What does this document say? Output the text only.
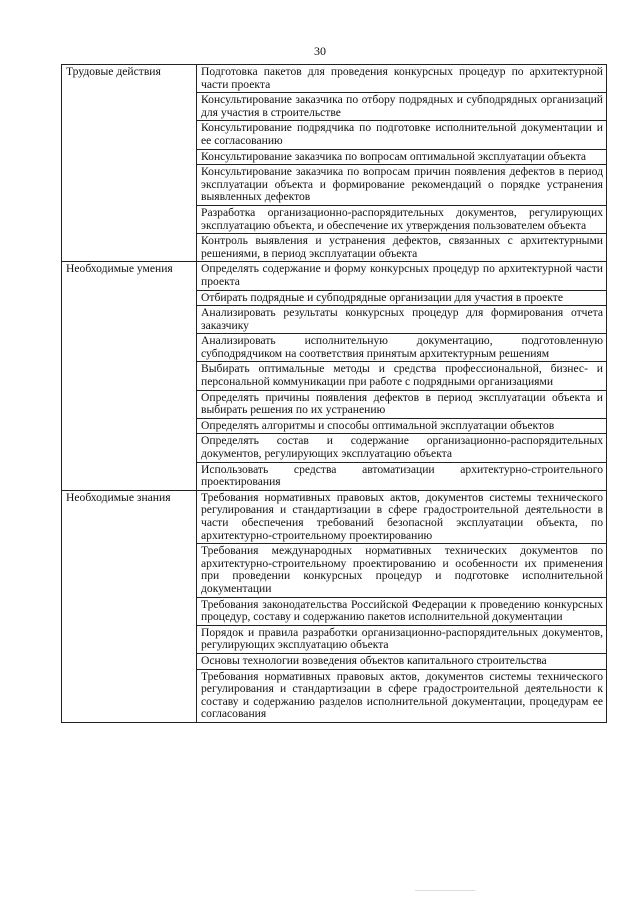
30
Трудовые действия	Подготовка пакетов для проведения конкурсных процедур по архитектурной части проекта
	Консультирование заказчика по отбору подрядных и субподрядных организаций для участия в строительстве
	Консультирование подрядчика по подготовке исполнительной документации и ее согласованию
	Консультирование заказчика по вопросам оптимальной эксплуатации объекта
	Консультирование заказчика по вопросам причин появления дефектов в период эксплуатации объекта и формирование рекомендаций о порядке устранения выявленных дефектов
	Разработка организационно-распорядительных документов, регулирующих эксплуатацию объекта, и обеспечение их утверждения пользователем объекта
	Контроль выявления и устранения дефектов, связанных с архитектурными решениями, в период эксплуатации объекта
Необходимые умения	Определять содержание и форму конкурсных процедур по архитектурной части проекта
	Отбирать подрядные и субподрядные организации для участия в проекте
	Анализировать результаты конкурсных процедур для формирования отчета заказчику
	Анализировать исполнительную документацию, подготовленную субподрядчиком на соответствия принятым архитектурным решениям
	Выбирать оптимальные методы и средства профессиональной, бизнес- и персональной коммуникации при работе с подрядными организациями
	Определять причины появления дефектов в период эксплуатации объекта и выбирать решения по их устранению
	Определять алгоритмы и способы оптимальной эксплуатации объектов
	Определять состав и содержание организационно-распорядительных документов, регулирующих эксплуатацию объекта
	Использовать средства автоматизации архитектурно-строительного проектирования
Необходимые знания	Требования нормативных правовых актов, документов системы технического регулирования и стандартизации в сфере градостроительной деятельности в части обеспечения требований безопасной эксплуатации объекта, по архитектурно-строительному проектированию
	Требования международных нормативных технических документов по архитектурно-строительному проектированию и особенности их применения при проведении конкурсных процедур и подготовке исполнительной документации
	Требования законодательства Российской Федерации к проведению конкурсных процедур, составу и содержанию пакетов исполнительной документации
	Порядок и правила разработки организационно-распорядительных документов, регулирующих эксплуатацию объекта
	Основы технологии возведения объектов капитального строительства
	Требования нормативных правовых актов, документов системы технического регулирования и стандартизации в сфере градостроительной деятельности к составу и содержанию разделов исполнительной документации, процедурам ее согласования
